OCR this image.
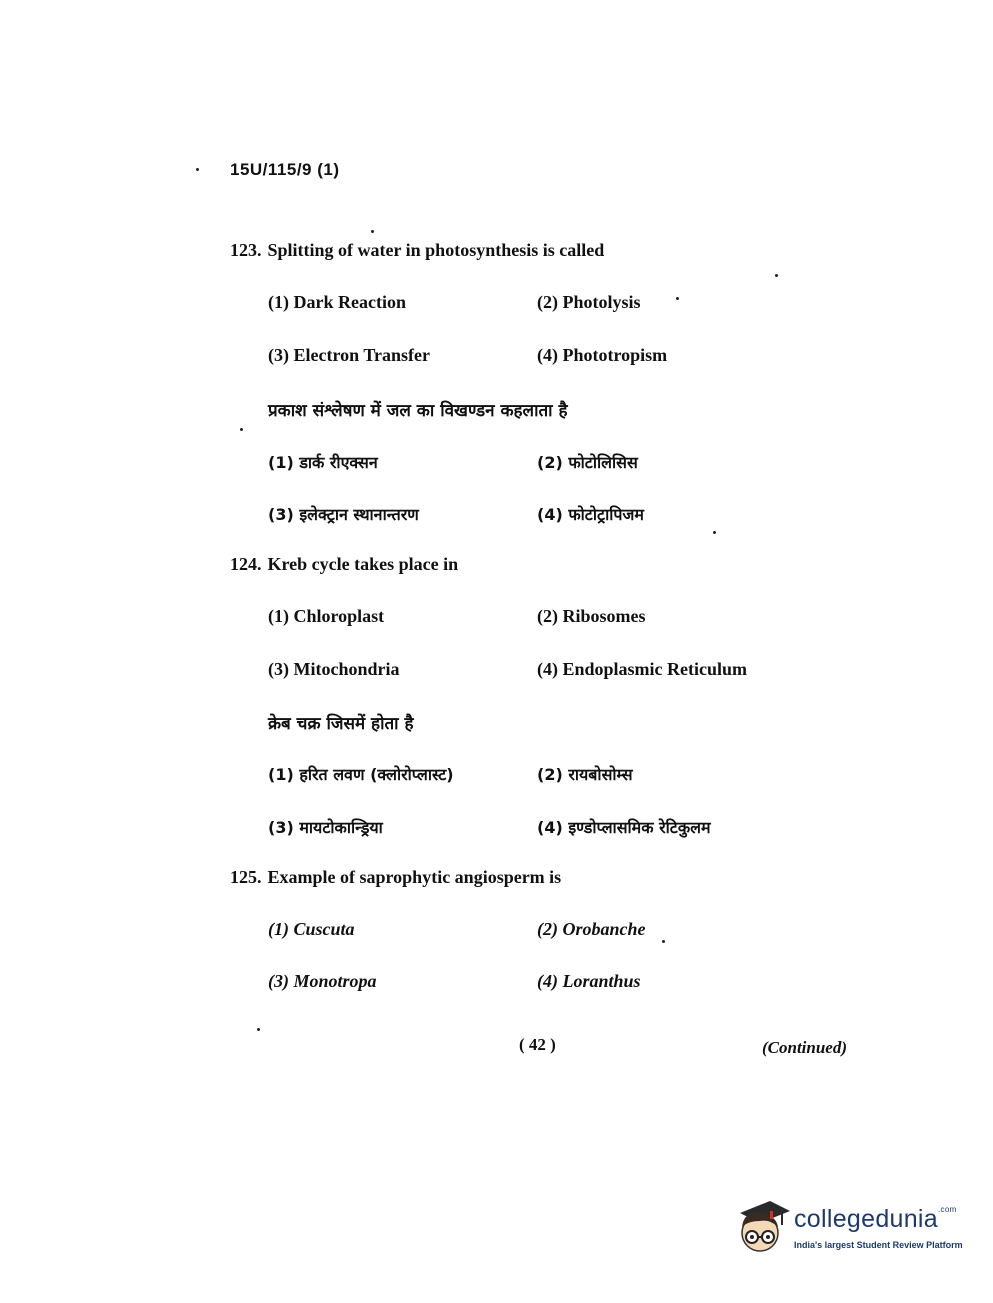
15U/115/9 (1)
123. Splitting of water in photosynthesis is called
(1) Dark Reaction	(2) Photolysis
(3) Electron Transfer	(4) Phototropism
प्रकाश संश्लेषण में जल का विखण्डन कहलाता है
(1) डार्क रीएक्सन	(2) फोटोलिसिस
(3) इलेक्ट्रान स्थानान्तरण	(4) फोटोट्रापिजम
124. Kreb cycle takes place in
(1) Chloroplast	(2) Ribosomes
(3) Mitochondria	(4) Endoplasmic Reticulum
क्रेब चक्र जिसमें होता है
(1) हरित लवण (क्लोरोप्लास्ट)	(2) रायबोसोम्स
(3) मायटोकान्ड्रिया	(4) इण्डोप्लासमिक रेटिकुलम
125. Example of saprophytic angiosperm is
(1) Cuscuta	(2) Orobanche
(3) Monotropa	(4) Loranthus
( 42 )	(Continued)
collegedunia$^{.com}$
India's largest Student Review Platform
